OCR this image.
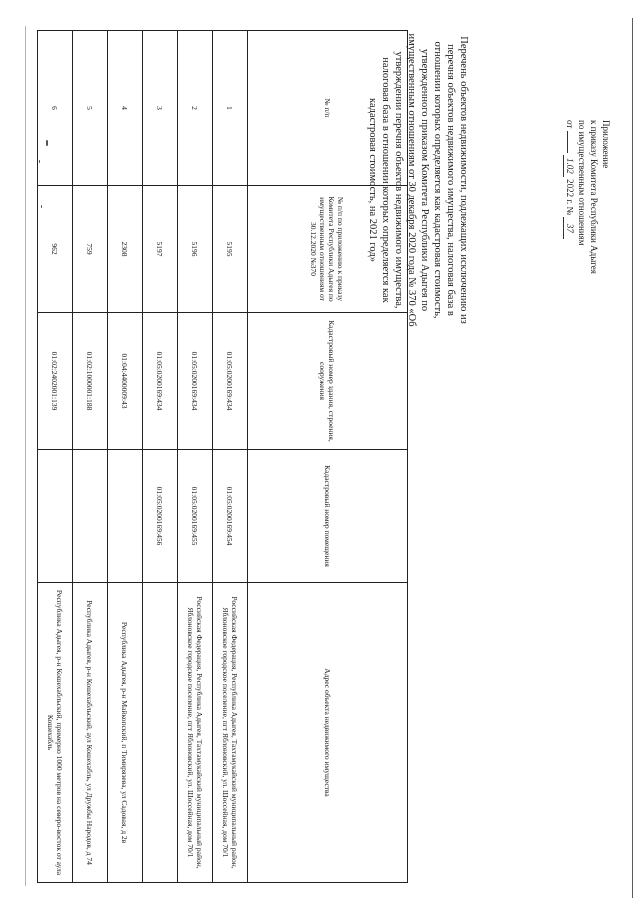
Приложение
к приказу Комитета Республики Адыгея
по имущественным отношениям
от  1.02 2022 г. № 37
Перечень объектов недвижимости, подлежащих исключению из перечня объектов недвижимого имущества, налоговая база в отношении которых определяется как кадастровая стоимость, утвержденного приказом Комитета Республики Адыгея по имущественным отношениям от 30 декабря 2020 года № 370 «Об утверждении перечня объектов недвижимого имущества, налоговая база в отношении которых определяется как кадастровая стоимость, на 2021 год»
№ п/п	№ п/п по приложению к приказу Комитета Республики Адыгея по имущественным отношениям от 30.12.2020 №370	Кадастровый номер здания, строения, сооружения	Кадастровый номер помещения	Адрес объекта недвижимого имущества
1	5195	01:05:0200169:434	01:05:0200169:454	Российская Федерация, Республика Адыгея, Тахтамукайский муниципальный район, Яблоновское городское поселение, пгт Яблоновский, ул. Шоссейная, дом 70/1
2	5196	01:05:0200169:434	01:05:0200169:455	Российская Федерация, Республика Адыгея, Тахтамукайский муниципальный район, Яблоновское городское поселение, пгт Яблоновский, ул. Шоссейная, дом 70/1
3	5197	01:05:0200169:434	01:05:0200169:456	
4	2308	01:04:4400009:43		Республика Адыгея, р-н Майкопский, п Тимирязева, ул Садовая, д 2в
5	759	01:02:1000001:188		Республика Адыгея, р-н Кошехабльский, аул Кошехабль, ул Дружбы Народов, д 74
6	962	01:02:2402001:139		Республика Адыгея, р-н Кошехабльский, примерно 1000 метров на северо-восток от аула Кошехабль
